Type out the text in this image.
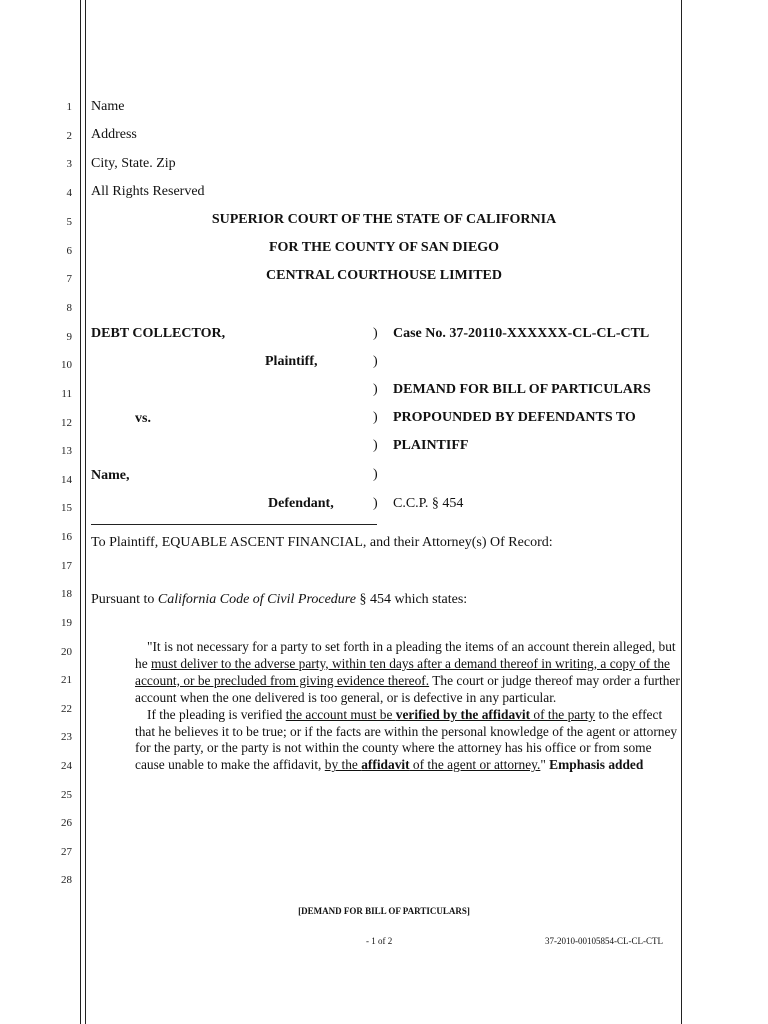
1
2
3
4
5
6
7
8
9
10
11
12
13
14
15
16
17
18
19
20
21
22
23
24
25
26
27
28
Name
Address
City, State. Zip
All Rights Reserved
SUPERIOR COURT OF THE STATE OF CALIFORNIA
FOR THE COUNTY OF SAN DIEGO
CENTRAL COURTHOUSE LIMITED
DEBT COLLECTOR,
Plaintiff,
vs.
Name,
Defendant,
)
)
)
)
)
)
)
Case No. 37-20110-XXXXXX-CL-CL-CTL
DEMAND FOR BILL OF PARTICULARS
PROPOUNDED BY DEFENDANTS TO
PLAINTIFF
C.C.P. § 454
To Plaintiff, EQUABLE ASCENT FINANCIAL, and their Attorney(s) Of Record:
Pursuant to California Code of Civil Procedure § 454 which states:

"It is not necessary for a party to set forth in a pleading the items of an account therein alleged, but he must deliver to the adverse party, within ten days after a demand thereof in writing, a copy of the account, or be precluded from giving evidence thereof. The court or judge thereof may order a further account when the one delivered is too general, or is defective in any particular.

If the pleading is verified the account must be verified by the affidavit of the party to the effect that he believes it to be true; or if the facts are within the personal knowledge of the agent or attorney for the party, or the party is not within the county where the attorney has his office or from some cause unable to make the affidavit, by the affidavit of the agent or attorney." Emphasis added

[DEMAND FOR BILL OF PARTICULARS]
- 1 of 2	37-2010-00105854-CL-CL-CTL
